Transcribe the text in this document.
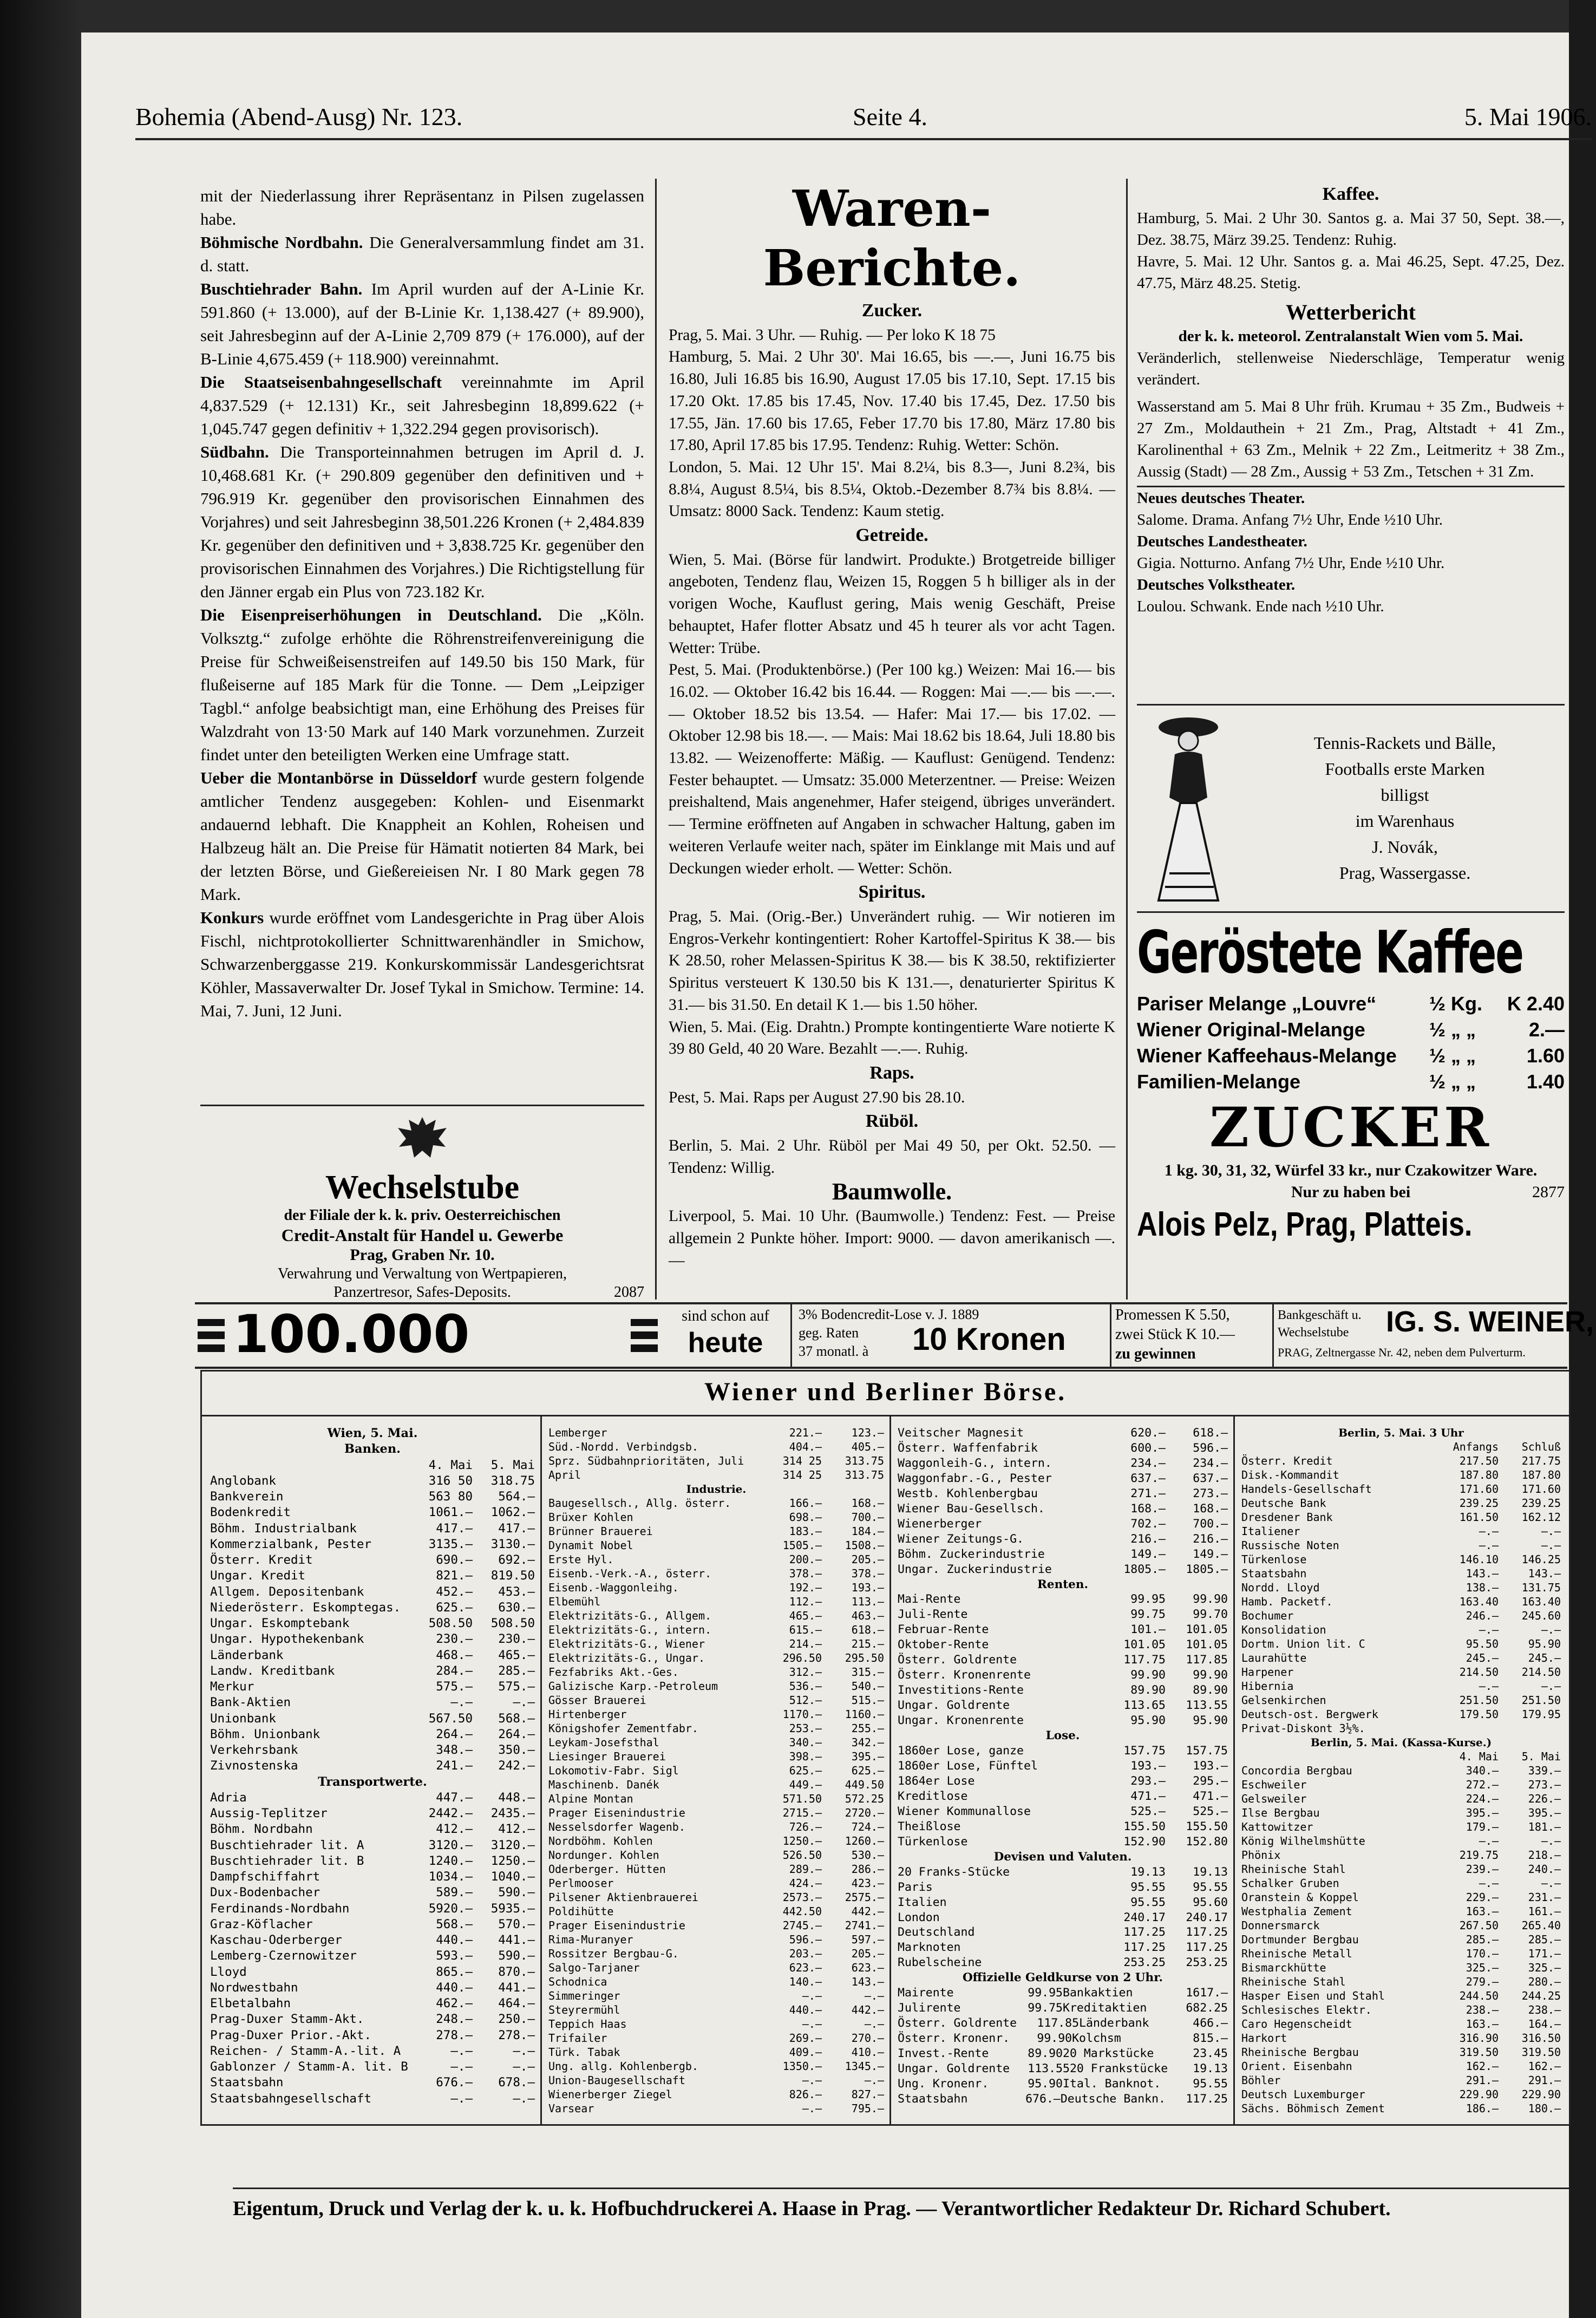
Bohemia (Abend-Ausg) Nr. 123.	Seite 4.	5. Mai 1906.

mit der Niederlassung ihrer Repräsentanz in Pilsen zugelassen habe.

Böhmische Nordbahn. Die Generalversammlung findet am 31. d. statt.

Buschtiehrader Bahn. Im April wurden auf der A-Linie Kr. 591.860 (+ 13.000), auf der B-Linie Kr. 1,138.427 (+ 89.900), seit Jahresbeginn auf der A-Linie 2,709 879 (+ 176.000), auf der B-Linie 4,675.459 (+ 118.900) vereinnahmt.

Die Staatseisenbahngesellschaft vereinnahmte im April 4,837.529 (+ 12.131) Kr., seit Jahresbeginn 18,899.622 (+ 1,045.747 gegen definitiv + 1,322.294 gegen provisorisch).

Südbahn. Die Transporteinnahmen betrugen im April d. J. 10,468.681 Kr. (+ 290.809 gegenüber den definitiven und + 796.919 Kr. gegenüber den provisorischen Einnahmen des Vorjahres) und seit Jahresbeginn 38,501.226 Kronen (+ 2,484.839 Kr. gegenüber den definitiven und + 3,838.725 Kr. gegenüber den provisorischen Einnahmen des Vorjahres.) Die Richtigstellung für den Jänner ergab ein Plus von 723.182 Kr.

Die Eisenpreiserhöhungen in Deutschland. Die „Köln. Volksztg.“ zufolge erhöhte die Röhrenstreifenvereinigung die Preise für Schweißeisenstreifen auf 149.50 bis 150 Mark, für flußeiserne auf 185 Mark für die Tonne. — Dem „Leipziger Tagbl.“ anfolge beabsichtigt man, eine Erhöhung des Preises für Walzdraht von 13·50 Mark auf 140 Mark vorzunehmen. Zurzeit findet unter den beteiligten Werken eine Umfrage statt.

Ueber die Montanbörse in Düsseldorf wurde gestern folgende amtlicher Tendenz ausgegeben: Kohlen- und Eisenmarkt andauernd lebhaft. Die Knappheit an Kohlen, Roheisen und Halbzeug hält an. Die Preise für Hämatit notierten 84 Mark, bei der letzten Börse, und Gießereieisen Nr. I 80 Mark gegen 78 Mark.

Konkurs wurde eröffnet vom Landesgerichte in Prag über Alois Fischl, nichtprotokollierter Schnittwarenhändler in Smichow, Schwarzenberggasse 219. Konkurskommissär Landesgerichtsrat Köhler, Massaverwalter Dr. Josef Tykal in Smichow. Termine: 14. Mai, 7. Juni, 12 Juni.

Wechselstube
der Filiale der k. k. priv. Oesterreichischen
Credit-Anstalt für Handel u. Gewerbe
Prag, Graben Nr. 10.
Verwahrung und Verwaltung von Wertpapieren,
Panzertresor, Safes-Deposits.	2087
Waren-Berichte.
Zucker.

Prag, 5. Mai. 3 Uhr. — Ruhig. — Per loko K 18 75

Hamburg, 5. Mai. 2 Uhr 30'. Mai 16.65, bis —.—, Juni 16.75 bis 16.80, Juli 16.85 bis 16.90, August 17.05 bis 17.10, Sept. 17.15 bis 17.20 Okt. 17.85 bis 17.45, Nov. 17.40 bis 17.45, Dez. 17.50 bis 17.55, Jän. 17.60 bis 17.65, Feber 17.70 bis 17.80, März 17.80 bis 17.80, April 17.85 bis 17.95. Tendenz: Ruhig. Wetter: Schön.

London, 5. Mai. 12 Uhr 15'. Mai 8.2¼, bis 8.3—, Juni 8.2¾, bis 8.8¼, August 8.5¼, bis 8.5¼, Oktob.-Dezember 8.7¾ bis 8.8¼. — Umsatz: 8000 Sack. Tendenz: Kaum stetig.

Getreide.

Wien, 5. Mai. (Börse für landwirt. Produkte.) Brotgetreide billiger angeboten, Tendenz flau, Weizen 15, Roggen 5 h billiger als in der vorigen Woche, Kauflust gering, Mais wenig Geschäft, Preise behauptet, Hafer flotter Absatz und 45 h teurer als vor acht Tagen. Wetter: Trübe.

Pest, 5. Mai. (Produktenbörse.) (Per 100 kg.) Weizen: Mai 16.— bis 16.02. — Oktober 16.42 bis 16.44. — Roggen: Mai —.— bis —.—. — Oktober 18.52 bis 13.54. — Hafer: Mai 17.— bis 17.02. — Oktober 12.98 bis 18.—. — Mais: Mai 18.62 bis 18.64, Juli 18.80 bis 13.82. — Weizenofferte: Mäßig. — Kauflust: Genügend. Tendenz: Fester behauptet. — Umsatz: 35.000 Meterzentner. — Preise: Weizen preishaltend, Mais angenehmer, Hafer steigend, übriges unverändert. — Termine eröffneten auf Angaben in schwacher Haltung, gaben im weiteren Verlaufe weiter nach, später im Einklange mit Mais und auf Deckungen wieder erholt. — Wetter: Schön.

Spiritus.

Prag, 5. Mai. (Orig.-Ber.) Unverändert ruhig. — Wir notieren im Engros-Verkehr kontingentiert: Roher Kartoffel-Spiritus K 38.— bis K 28.50, roher Melassen-Spiritus K 38.— bis K 38.50, rektifizierter Spiritus versteuert K 130.50 bis K 131.—, denaturierter Spiritus K 31.— bis 31.50. En detail K 1.— bis 1.50 höher.

Wien, 5. Mai. (Eig. Drahtn.) Prompte kontingentierte Ware notierte K 39 80 Geld, 40 20 Ware. Bezahlt —.—. Ruhig.

Raps.

Pest, 5. Mai. Raps per August 27.90 bis 28.10.

Rüböl.

Berlin, 5. Mai. 2 Uhr. Rüböl per Mai 49 50, per Okt. 52.50. — Tendenz: Willig.

Baumwolle.

Liverpool, 5. Mai. 10 Uhr. (Baumwolle.) Tendenz: Fest. — Preise allgemein 2 Punkte höher. Import: 9000. — davon amerikanisch —.—

Kaffee.

Hamburg, 5. Mai. 2 Uhr 30. Santos g. a. Mai 37 50, Sept. 38.—, Dez. 38.75, März 39.25. Tendenz: Ruhig.

Havre, 5. Mai. 12 Uhr. Santos g. a. Mai 46.25, Sept. 47.25, Dez. 47.75, März 48.25. Stetig.

Wetterbericht
der k. k. meteorol. Zentralanstalt Wien vom 5. Mai.

Veränderlich, stellenweise Niederschläge, Temperatur wenig verändert.

Wasserstand am 5. Mai 8 Uhr früh. Krumau + 35 Zm., Budweis + 27 Zm., Moldauthein + 21 Zm., Prag, Altstadt + 41 Zm., Karolinenthal + 63 Zm., Melnik + 22 Zm., Leitmeritz + 38 Zm., Aussig (Stadt) — 28 Zm., Aussig + 53 Zm., Tetschen + 31 Zm.

Neues deutsches Theater.

Salome. Drama. Anfang 7½ Uhr, Ende ½10 Uhr.

Deutsches Landestheater.

Gigia. Notturno. Anfang 7½ Uhr, Ende ½10 Uhr.

Deutsches Volkstheater.

Loulou. Schwank. Ende nach ½10 Uhr.

Tennis-Rackets und Bälle,
Footballs erste Marken
billigst
im Warenhaus
J. Novák,
Prag, Wassergasse.
Geröstete Kaffee
Pariser Melange „Louvre“	½ Kg.	K 2.40
Wiener Original-Melange	½ „ „	2.—
Wiener Kaffeehaus-Melange	½ „ „	1.60
Familien-Melange	½ „ „	1.40
ZUCKER
1 kg. 30, 31, 32, Würfel 33 kr., nur Czakowitzer Ware.
Nur zu haben bei	2877
Alois Pelz, Prag, Platteis.
100.000	sind schon auf
heute
3% Bodencredit-Lose v. J. 1889
geg. Raten
37 monatl. à	10 Kronen
Promessen K 5.50,
zwei Stück K 10.—
zu gewinnen
Bankgeschäft u.
Wechselstube	IG. S. WEINER,
PRAG, Zeltnergasse Nr. 42, neben dem Pulverturm.
Wiener und Berliner Börse.
Wien, 5. Mai.
Banken.
4. Mai	5. Mai
Anglobank	316 50	318.75
Bankverein	563 80	564.—
Bodenkredit	1061.—	1062.—
Böhm. Industrialbank	417.—	417.—
Kommerzialbank, Pester	3135.—	3130.—
Österr. Kredit	690.—	692.—
Ungar. Kredit	821.—	819.50
Allgem. Depositenbank	452.—	453.—
Niederösterr. Eskomptegas.	625.—	630.—
Ungar. Eskomptebank	508.50	508.50
Ungar. Hypothekenbank	230.—	230.—
Länderbank	468.—	465.—
Landw. Kreditbank	284.—	285.—
Merkur	575.—	575.—
Bank-Aktien	—.—	—.—
Unionbank	567.50	568.—
Böhm. Unionbank	264.—	264.—
Verkehrsbank	348.—	350.—
Zivnostenska	241.—	242.—
Transportwerte.
Adria	447.—	448.—
Aussig-Teplitzer	2442.—	2435.—
Böhm. Nordbahn	412.—	412.—
Buschtiehrader lit. A	3120.—	3120.—
Buschtiehrader lit. B	1240.—	1250.—
Dampfschiffahrt	1034.—	1040.—
Dux-Bodenbacher	589.—	590.—
Ferdinands-Nordbahn	5920.—	5935.—
Graz-Köflacher	568.—	570.—
Kaschau-Oderberger	440.—	441.—
Lemberg-Czernowitzer	593.—	590.—
Lloyd	865.—	870.—
Nordwestbahn	440.—	441.—
Elbetalbahn	462.—	464.—
Prag-Duxer Stamm-Akt.	248.—	250.—
Prag-Duxer Prior.-Akt.	278.—	278.—
Reichen- / Stamm-A.-lit. A	—.—	—.—
Gablonzer / Stamm-A. lit. B	—.—	—.—
Staatsbahn	676.—	678.—
Staatsbahngesellschaft	—.—	—.—
Lemberger	221.—	123.—
Süd.-Nordd. Verbindgsb.	404.—	405.—
Sprz. Südbahnprioritäten, Juli	314 25	313.75
April	314 25	313.75
Industrie.
Baugesellsch., Allg. österr.	166.—	168.—
Brüxer Kohlen	698.—	700.—
Brünner Brauerei	183.—	184.—
Dynamit Nobel	1505.—	1508.—
Erste Hyl.	200.—	205.—
Eisenb.-Verk.-A., österr.	378.—	378.—
Eisenb.-Waggonleihg.	192.—	193.—
Elbemühl	112.—	113.—
Elektrizitäts-G., Allgem.	465.—	463.—
Elektrizitäts-G., intern.	615.—	618.—
Elektrizitäts-G., Wiener	214.—	215.—
Elektrizitäts-G., Ungar.	296.50	295.50
Fezfabriks Akt.-Ges.	312.—	315.—
Galizische Karp.-Petroleum	536.—	540.—
Gösser Brauerei	512.—	515.—
Hirtenberger	1170.—	1160.—
Königshofer Zementfabr.	253.—	255.—
Leykam-Josefsthal	340.—	342.—
Liesinger Brauerei	398.—	395.—
Lokomotiv-Fabr. Sigl	625.—	625.—
Maschinenb. Danék	449.—	449.50
Alpine Montan	571.50	572.25
Prager Eisenindustrie	2715.—	2720.—
Nesselsdorfer Wagenb.	726.—	724.—
Nordböhm. Kohlen	1250.—	1260.—
Nordunger. Kohlen	526.50	530.—
Oderberger. Hütten	289.—	286.—
Perlmooser	424.—	423.—
Pilsener Aktienbrauerei	2573.—	2575.—
Poldihütte	442.50	442.—
Prager Eisenindustrie	2745.—	2741.—
Rima-Muranyer	596.—	597.—
Rossitzer Bergbau-G.	203.—	205.—
Salgo-Tarjaner	623.—	623.—
Schodnica	140.—	143.—
Simmeringer	—.—	—.—
Steyrermühl	440.—	442.—
Teppich Haas	—.—	—.—
Trifailer	269.—	270.—
Türk. Tabak	409.—	410.—
Ung. allg. Kohlenbergb.	1350.—	1345.—
Union-Baugesellschaft	—.—	—.—
Wienerberger Ziegel	826.—	827.—
Varsear	—.—	795.—
Veitscher Magnesit	620.—	618.—
Österr. Waffenfabrik	600.—	596.—
Waggonleih-G., intern.	234.—	234.—
Waggonfabr.-G., Pester	637.—	637.—
Westb. Kohlenbergbau	271.—	273.—
Wiener Bau-Gesellsch.	168.—	168.—
Wienerberger	702.—	700.—
Wiener Zeitungs-G.	216.—	216.—
Böhm. Zuckerindustrie	149.—	149.—
Ungar. Zuckerindustrie	1805.—	1805.—
Renten.
Mai-Rente	99.95	99.90
Juli-Rente	99.75	99.70
Februar-Rente	101.—	101.05
Oktober-Rente	101.05	101.05
Österr. Goldrente	117.75	117.85
Österr. Kronenrente	99.90	99.90
Investitions-Rente	89.90	89.90
Ungar. Goldrente	113.65	113.55
Ungar. Kronenrente	95.90	95.90
Lose.
1860er Lose, ganze	157.75	157.75
1860er Lose, Fünftel	193.—	193.—
1864er Lose	293.—	295.—
Kreditlose	471.—	471.—
Wiener Kommunallose	525.—	525.—
Theißlose	155.50	155.50
Türkenlose	152.90	152.80
Devisen und Valuten.
20 Franks-Stücke	19.13	19.13
Paris	95.55	95.55
Italien	95.55	95.60
London	240.17	240.17
Deutschland	117.25	117.25
Marknoten	117.25	117.25
Rubelscheine	253.25	253.25
Offizielle Geldkurse von 2 Uhr.
Mairente	99.95 Bankaktien	1617.—
Julirente	99.75 Kreditaktien	682.25
Österr. Goldrente	117.85 Länderbank	466.—
Österr. Kronenr.	99.90 Kolchsm	815.—
Invest.-Rente	89.90 20 Markstücke	23.45
Ungar. Goldrente	113.55 20 Frankstücke	19.13
Ung. Kronenr.	95.90 Ital. Banknot.	95.55
Staatsbahn	676.— Deutsche Bankn.	117.25
Berlin, 5. Mai. 3 Uhr
Anfangs	Schluß
Österr. Kredit	217.50	217.75
Disk.-Kommandit	187.80	187.80
Handels-Gesellschaft	171.60	171.60
Deutsche Bank	239.25	239.25
Dresdener Bank	161.50	162.12
Italiener	—.—	—.—
Russische Noten	—.—	—.—
Türkenlose	146.10	146.25
Staatsbahn	143.—	143.—
Nordd. Lloyd	138.—	131.75
Hamb. Packetf.	163.40	163.40
Bochumer	246.—	245.60
Konsolidation	—.—	—.—
Dortm. Union lit. C	95.50	95.90
Laurahütte	245.—	245.—
Harpener	214.50	214.50
Hibernia	—.—	—.—
Gelsenkirchen	251.50	251.50
Deutsch-ost. Bergwerk	179.50	179.95
Privat-Diskont 3½%.
Berlin, 5. Mai. (Kassa-Kurse.)
4. Mai	5. Mai
Concordia Bergbau	340.—	339.—
Eschweiler	272.—	273.—
Gelsweiler	224.—	226.—
Ilse Bergbau	395.—	395.—
Kattowitzer	179.—	181.—
König Wilhelmshütte	—.—	—.—
Phönix	219.75	218.—
Rheinische Stahl	239.—	240.—
Schalker Gruben	—.—	—.—
Oranstein & Koppel	229.—	231.—
Westphalia Zement	163.—	161.—
Donnersmarck	267.50	265.40
Dortmunder Bergbau	285.—	285.—
Rheinische Metall	170.—	171.—
Bismarckhütte	325.—	325.—
Rheinische Stahl	279.—	280.—
Hasper Eisen und Stahl	244.50	244.25
Schlesisches Elektr.	238.—	238.—
Caro Hegenscheidt	163.—	164.—
Harkort	316.90	316.50
Rheinische Bergbau	319.50	319.50
Orient. Eisenbahn	162.—	162.—
Böhler	291.—	291.—
Deutsch Luxemburger	229.90	229.90
Sächs. Böhmisch Zement	186.—	180.—
Eigentum, Druck und Verlag der k. u. k. Hofbuchdruckerei A. Haase in Prag. — Verantwortlicher Redakteur Dr. Richard Schubert.
